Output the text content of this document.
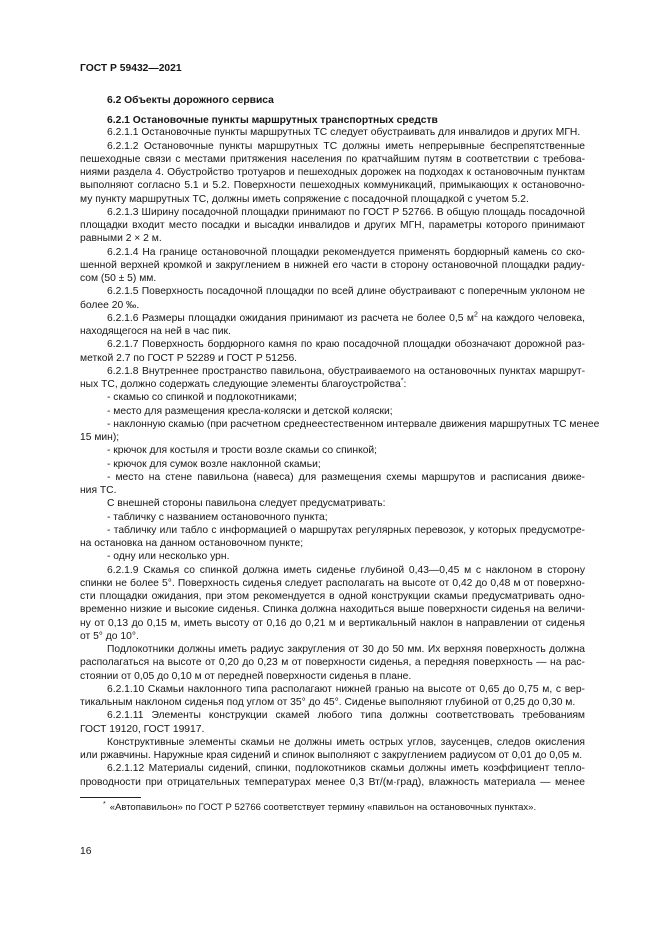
ГОСТ Р 59432—2021
6.2 Объекты дорожного сервиса
6.2.1 Остановочные пункты маршрутных транспортных средств
6.2.1.1 Остановочные пункты маршрутных ТС следует обустраивать для инвалидов и других МГН.
6.2.1.2 Остановочные пункты маршрутных ТС должны иметь непрерывные беспрепятственные
пешеходные связи с местами притяжения населения по кратчайшим путям в соответствии с требова-
ниями раздела 4. Обустройство тротуаров и пешеходных дорожек на подходах к остановочным пунктам
выполняют согласно 5.1 и 5.2. Поверхности пешеходных коммуникаций, примыкающих к остановочно-
му пункту маршрутных ТС, должны иметь сопряжение с посадочной площадкой с учетом 5.2.
6.2.1.3 Ширину посадочной площадки принимают по ГОСТ Р 52766. В общую площадь посадочной
площадки входит место посадки и высадки инвалидов и других МГН, параметры которого принимают
равными 2 × 2 м.
6.2.1.4 На границе остановочной площадки рекомендуется применять бордюрный камень со ско-
шенной верхней кромкой и закруглением в нижней его части в сторону остановочной площадки радиу-
сом (50 ± 5) мм.
6.2.1.5 Поверхность посадочной площадки по всей длине обустраивают с поперечным уклоном не
более 20 ‰.
6.2.1.6 Размеры площадки ожидания принимают из расчета не более 0,5 $м^2$ на каждого человека,
находящегося на ней в час пик.
6.2.1.7 Поверхность бордюрного камня по краю посадочной площадки обозначают дорожной раз-
меткой 2.7 по ГОСТ Р 52289 и ГОСТ Р 51256.
6.2.1.8 Внутреннее пространство павильона, обустраиваемого на остановочных пунктах маршрут-
ных ТС, должно содержать следующие элементы благоустройства*:
- скамью со спинкой и подлокотниками;
- место для размещения кресла-коляски и детской коляски;
- наклонную скамью (при расчетном среднеестественном интервале движения маршрутных ТС менее
15 мин);
- крючок для костыля и трости возле скамьи со спинкой;
- крючок для сумок возле наклонной скамьи;
- место на стене павильона (навеса) для размещения схемы маршрутов и расписания движе-
ния ТС.
С внешней стороны павильона следует предусматривать:
- табличку с названием остановочного пункта;
- табличку или табло с информацией о маршрутах регулярных перевозок, у которых предусмотре-
на остановка на данном остановочном пункте;
- одну или несколько урн.
6.2.1.9 Скамья со спинкой должна иметь сиденье глубиной 0,43—0,45 м с наклоном в сторону
спинки не более 5°. Поверхность сиденья следует располагать на высоте от 0,42 до 0,48 м от поверхно-
сти площадки ожидания, при этом рекомендуется в одной конструкции скамьи предусматривать одно-
временно низкие и высокие сиденья. Спинка должна находиться выше поверхности сиденья на величи-
ну от 0,13 до 0,15 м, иметь высоту от 0,16 до 0,21 м и вертикальный наклон в направлении от сиденья
от 5° до 10°.
Подлокотники должны иметь радиус закругления от 30 до 50 мм. Их верхняя поверхность должна
располагаться на высоте от 0,20 до 0,23 м от поверхности сиденья, а передняя поверхность — на рас-
стоянии от 0,05 до 0,10 м от передней поверхности сиденья в плане.
6.2.1.10 Скамьи наклонного типа располагают нижней гранью на высоте от 0,65 до 0,75 м, с вер-
тикальным наклоном сиденья под углом от 35° до 45°. Сиденье выполняют глубиной от 0,25 до 0,30 м.
6.2.1.11 Элементы конструкции скамей любого типа должны соответствовать требованиям
ГОСТ 19120, ГОСТ 19917.
Конструктивные элементы скамьи не должны иметь острых углов, заусенцев, следов окисления
или ржавчины. Наружные края сидений и спинок выполняют с закруглением радиусом от 0,01 до 0,05 м.
6.2.1.12 Материалы сидений, спинки, подлокотников скамьи должны иметь коэффициент тепло-
проводности при отрицательных температурах менее 0,3 Вт/(м·град), влажность материала — менее
* «Автопавильон» по ГОСТ Р 52766 соответствует термину «павильон на остановочных пунктах».
16
